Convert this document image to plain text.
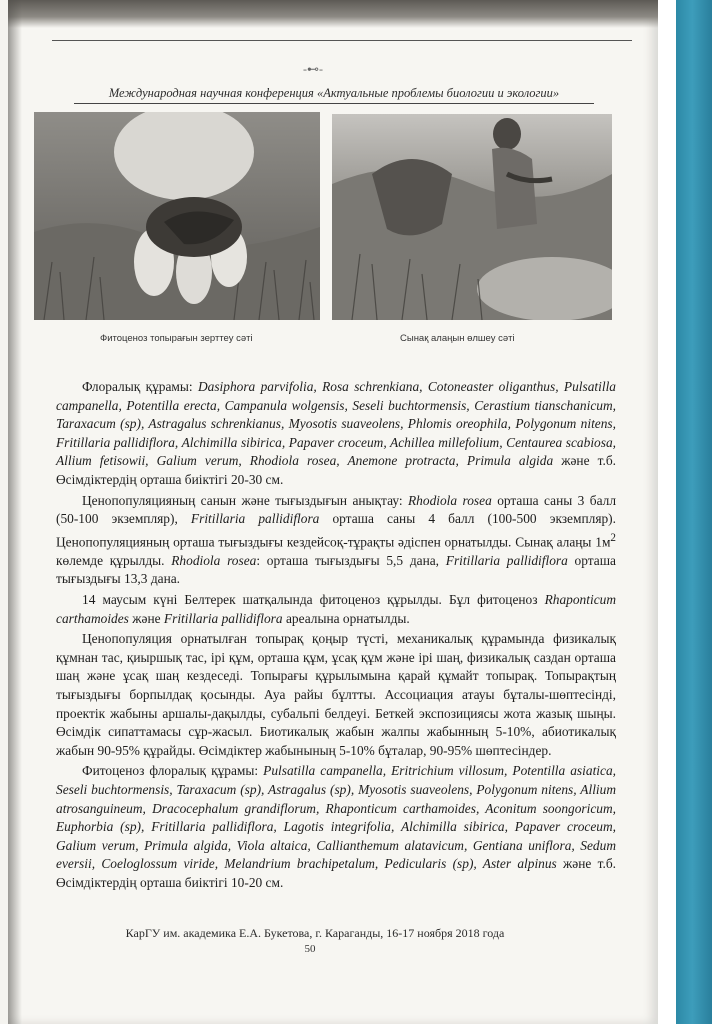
-⊷-
Международная научная конференция «Актуальные проблемы биологии и экологии»
Фитоценоз топырағын зерттеу сәті	Сынақ алаңын өлшеу сәті

Флоралық құрамы: Dasiphora parvifolia, Rosa schrenkiana, Cotoneaster oliganthus, Pulsatilla campanella, Potentilla erecta, Campanula wolgensis, Seseli buchtormensis, Cerastium tianschanicum, Taraxacum (sp), Astragalus schrenkianus, Myosotis suaveolens, Phlomis oreophila, Polygonum nitens, Fritillaria pallidiflora, Alchimilla sibirica, Papaver croceum, Achillea millefolium, Centaurea scabiosa, Allium fetisowii, Galium verum, Rhodiola rosea, Anemone protracta, Primula algida және т.б. Өсімдіктердің орташа биіктігі 20-30 см.

Ценопопуляцияның санын және тығыздығын анықтау: Rhodiola rosea орташа саны 3 балл (50-100 экземпляр), Fritillaria pallidiflora орташа саны 4 балл (100-500 экземпляр). Ценопопуляцияның орташа тығыздығы кездейсоқ-тұрақты әдіспен орнатылды. Сынақ алаңы $1м^2$ көлемде құрылды. Rhodiola rosea: орташа тығыздығы 5,5 дана, Fritillaria pallidiflora орташа тығыздығы 13,3 дана.

14 маусым күні Белтерек шатқалында фитоценоз құрылды. Бұл фитоценоз Rhaponticum carthamoides және Fritillaria pallidiflora ареалына орнатылды.

Ценопопуляция орнатылған топырақ қоңыр түсті, механикалық құрамында физикалық құмнан тас, қиыршық тас, ірі құм, орташа құм, ұсақ құм және ірі шаң, физикалық саздан орташа шаң және ұсақ шаң кездеседі. Топырағы құрылымына қарай құмайт топырақ. Топырақтың тығыздығы борпылдақ қосынды. Ауа райы бұлтты. Ассоциация атауы бұталы-шөптесінді, проектік жабыны аршалы-дақылды, субальпі белдеуі. Беткей экспозициясы жота жазық шыңы. Өсімдік сипаттамасы сұр-жасыл. Биотикалық жабын жалпы жабынның 5-10%, абиотикалық жабын 90-95% құрайды. Өсімдіктер жабынының 5-10% бұталар, 90-95% шөптесіндер.

Фитоценоз флоралық құрамы: Pulsatilla campanella, Eritrichium villosum, Potentilla asiatica, Seseli buchtormensis, Taraxacum (sp), Astragalus (sp), Myosotis suaveolens, Polygonum nitens, Allium atrosanguineum, Dracocephalum grandiflorum, Rhaponticum carthamoides, Aconitum soongoricum, Euphorbia (sp), Fritillaria pallidiflora, Lagotis integrifolia, Alchimilla sibirica, Papaver croceum, Galium verum, Primula algida, Viola altaica, Callianthemum alatavicum, Gentiana uniflora, Sedum eversii, Coeloglossum viride, Melandrium brachipetalum, Pedicularis (sp), Aster alpinus және т.б. Өсімдіктердің орташа биіктігі 10-20 см.

КарГУ им. академика Е.А. Букетова, г. Караганды, 16-17 ноября 2018 года
50
